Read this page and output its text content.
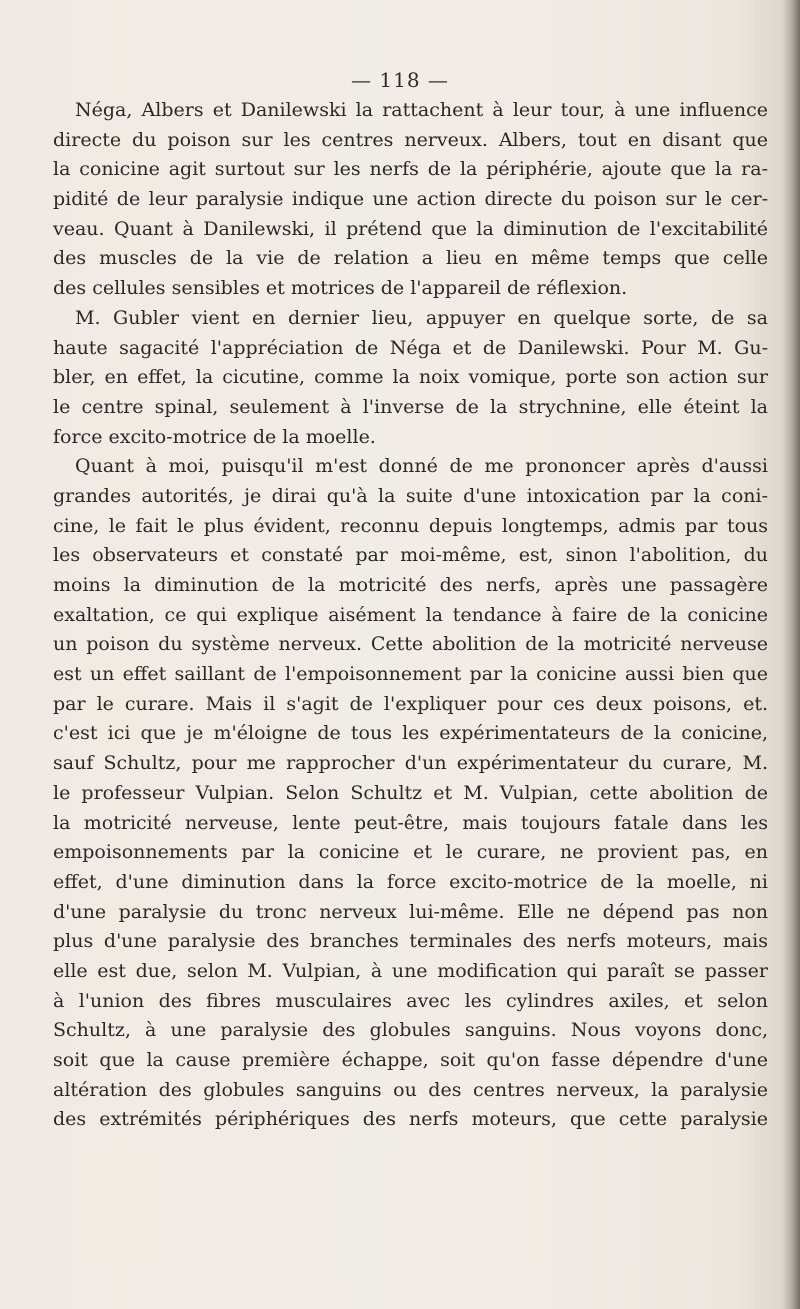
— 118 —
Néga, Albers et Danilewski la rattachent à leur tour, à une influence
directe du poison sur les centres nerveux. Albers, tout en disant que
la conicine agit surtout sur les nerfs de la périphérie, ajoute que la ra-
pidité de leur paralysie indique une action directe du poison sur le cer-
veau. Quant à Danilewski, il prétend que la diminution de l'excitabilité
des muscles de la vie de relation a lieu en même temps que celle
des cellules sensibles et motrices de l'appareil de réflexion.
M. Gubler vient en dernier lieu, appuyer en quelque sorte, de sa
haute sagacité l'appréciation de Néga et de Danilewski. Pour M. Gu-
bler, en effet, la cicutine, comme la noix vomique, porte son action sur
le centre spinal, seulement à l'inverse de la strychnine, elle éteint la
force excito-motrice de la moelle.
Quant à moi, puisqu'il m'est donné de me prononcer après d'aussi
grandes autorités, je dirai qu'à la suite d'une intoxication par la coni-
cine, le fait le plus évident, reconnu depuis longtemps, admis par tous
les observateurs et constaté par moi-même, est, sinon l'abolition, du
moins la diminution de la motricité des nerfs, après une passagère
exaltation, ce qui explique aisément la tendance à faire de la conicine
un poison du système nerveux. Cette abolition de la motricité nerveuse
est un effet saillant de l'empoisonnement par la conicine aussi bien que
par le curare. Mais il s'agit de l'expliquer pour ces deux poisons, et.
c'est ici que je m'éloigne de tous les expérimentateurs de la conicine,
sauf Schultz, pour me rapprocher d'un expérimentateur du curare, M.
le professeur Vulpian. Selon Schultz et M. Vulpian, cette abolition de
la motricité nerveuse, lente peut-être, mais toujours fatale dans les
empoisonnements par la conicine et le curare, ne provient pas, en
effet, d'une diminution dans la force excito-motrice de la moelle, ni
d'une paralysie du tronc nerveux lui-même. Elle ne dépend pas non
plus d'une paralysie des branches terminales des nerfs moteurs, mais
elle est due, selon M. Vulpian, à une modification qui paraît se passer
à l'union des fibres musculaires avec les cylindres axiles, et selon
Schultz, à une paralysie des globules sanguins. Nous voyons donc,
soit que la cause première échappe, soit qu'on fasse dépendre d'une
altération des globules sanguins ou des centres nerveux, la paralysie
des extrémités périphériques des nerfs moteurs, que cette paralysie
